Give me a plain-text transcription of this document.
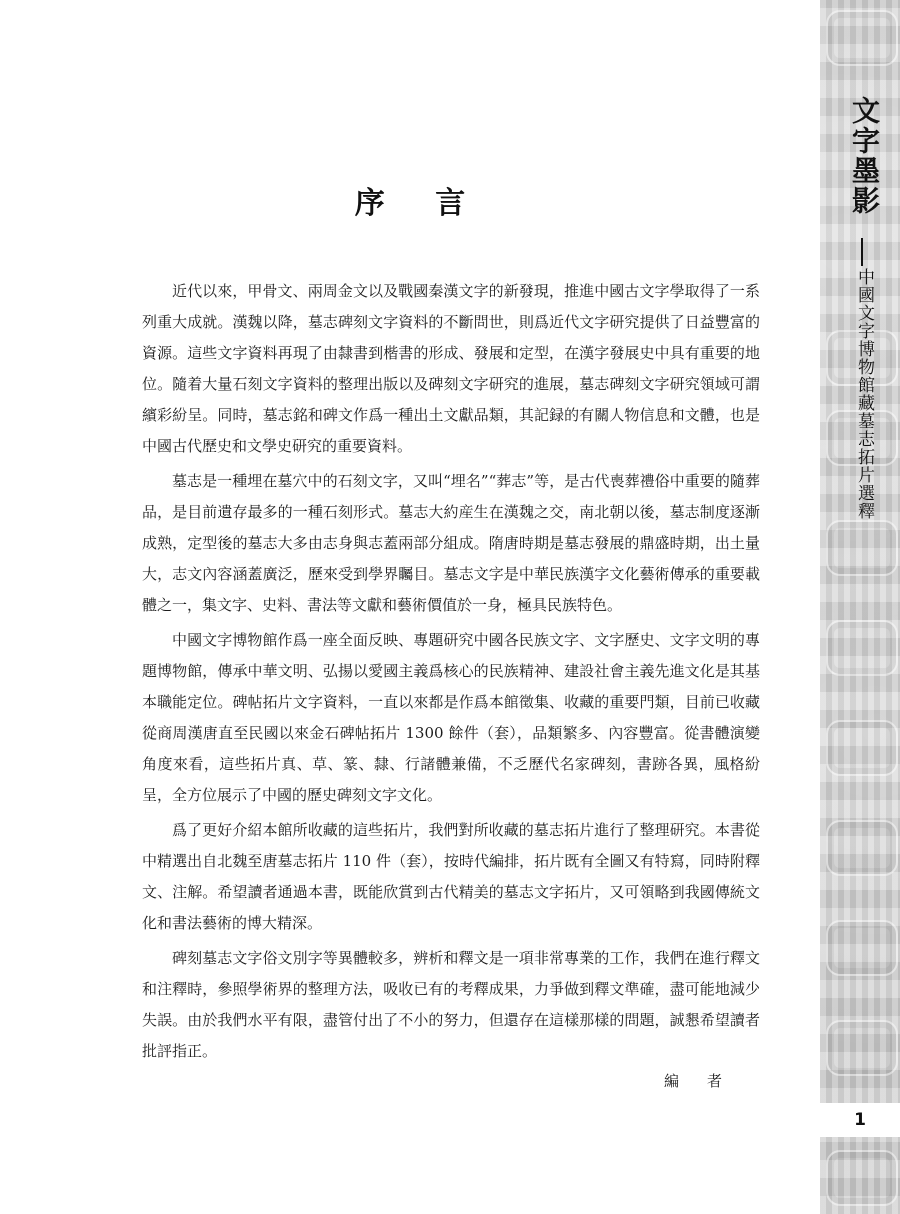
序 言

近代以來，甲骨文、兩周金文以及戰國秦漢文字的新發現，推進中國古文字學取得了一系列重大成就。漢魏以降，墓志碑刻文字資料的不斷問世，則爲近代文字研究提供了日益豐富的資源。這些文字資料再現了由隸書到楷書的形成、發展和定型，在漢字發展史中具有重要的地位。隨着大量石刻文字資料的整理出版以及碑刻文字研究的進展，墓志碑刻文字研究領域可謂繽彩紛呈。同時，墓志銘和碑文作爲一種出土文獻品類，其記録的有關人物信息和文體，也是中國古代歷史和文學史研究的重要資料。

墓志是一種埋在墓穴中的石刻文字，又叫“埋名”“葬志”等，是古代喪葬禮俗中重要的隨葬品，是目前遺存最多的一種石刻形式。墓志大約産生在漢魏之交，南北朝以後，墓志制度逐漸成熟，定型後的墓志大多由志身與志蓋兩部分組成。隋唐時期是墓志發展的鼎盛時期，出土量大，志文內容涵蓋廣泛，歷來受到學界矚目。墓志文字是中華民族漢字文化藝術傳承的重要載體之一，集文字、史料、書法等文獻和藝術價值於一身，極具民族特色。

中國文字博物館作爲一座全面反映、專題研究中國各民族文字、文字歷史、文字文明的專題博物館，傳承中華文明、弘揚以愛國主義爲核心的民族精神、建設社會主義先進文化是其基本職能定位。碑帖拓片文字資料，一直以來都是作爲本館徵集、收藏的重要門類，目前已收藏從商周漢唐直至民國以來金石碑帖拓片 1300 餘件（套），品類繁多、內容豐富。從書體演變角度來看，這些拓片真、草、篆、隸、行諸體兼備，不乏歷代名家碑刻，書跡各異，風格紛呈，全方位展示了中國的歷史碑刻文字文化。

爲了更好介紹本館所收藏的這些拓片，我們對所收藏的墓志拓片進行了整理研究。本書從中精選出自北魏至唐墓志拓片 110 件（套），按時代編排，拓片既有全圖又有特寫，同時附釋文、注解。希望讀者通過本書，既能欣賞到古代精美的墓志文字拓片，又可領略到我國傳統文化和書法藝術的博大精深。

碑刻墓志文字俗文別字等異體較多，辨析和釋文是一項非常專業的工作，我們在進行釋文和注釋時，參照學術界的整理方法，吸收已有的考釋成果，力爭做到釋文準確，盡可能地減少失誤。由於我們水平有限，盡管付出了不小的努力，但還存在這樣那樣的問題，誠懇希望讀者批評指正。

編者
文字墨影
中國文字博物館藏墓志拓片選釋
1
